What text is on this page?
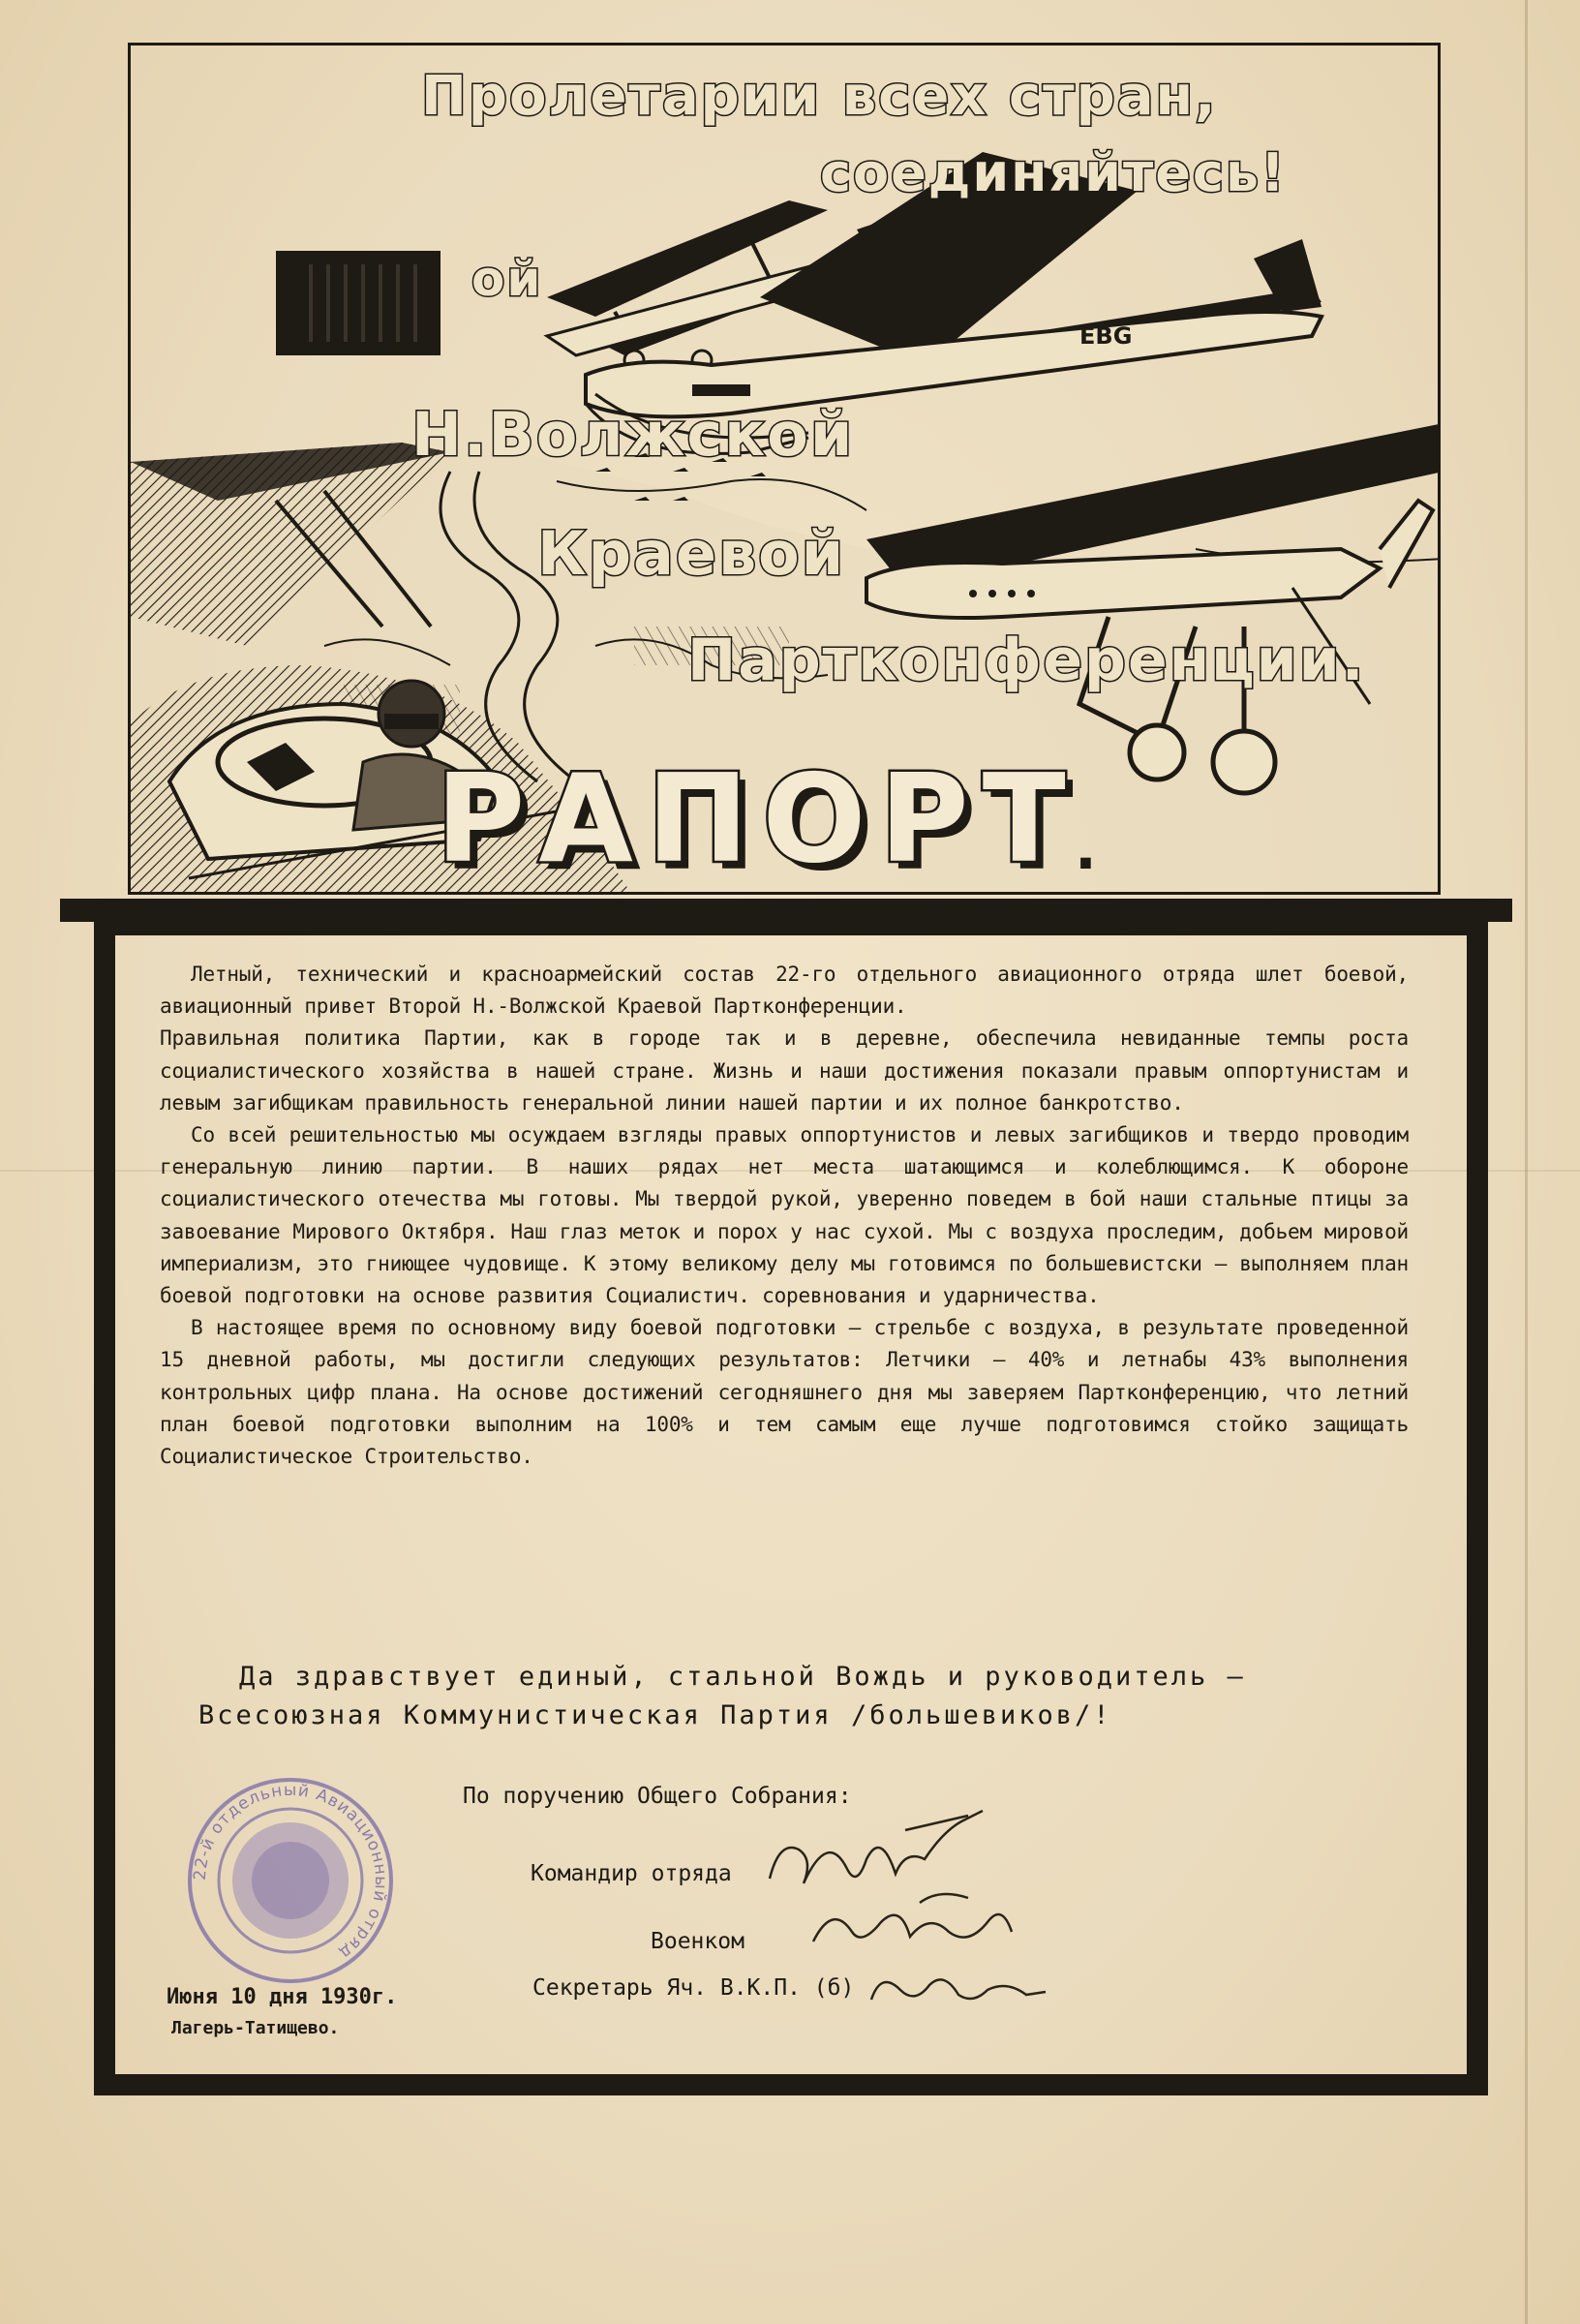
EBG
Пролетарии всех стран,
соединяйтесь!
II	ой
Н.Волжской
Краевой
Партконференции.
РАПОРТ
.

Летный, технический и красноармейский состав 22-го отдельного авиационного отряда шлет боевой, авиационный привет Второй Н.-Волжской Краевой Партконференции.

Правильная политика Партии, как в городе так и в деревне, обеспечила невиданные темпы роста социалистического хозяйства в нашей стране. Жизнь и наши достижения показали правым оппортунистам и левым загибщикам правильность генеральной линии нашей партии и их полное банкротство.

Со всей решительностью мы осуждаем взгляды правых оппортунистов и левых загибщиков и твердо проводим генеральную линию партии. В наших рядах нет места шатающимся и колеблющимся. К обороне социалистического отечества мы готовы. Мы твердой рукой, уверенно поведем в бой наши стальные птицы за завоевание Мирового Октября. Наш глаз меток и порох у нас сухой. Мы с воздуха проследим, добьем мировой империализм, это гниющее чудовище. К этому великому делу мы готовимся по большевистски — выполняем план боевой подготовки на основе развития Социалистич. соревнования и ударничества.

В настоящее время по основному виду боевой подготовки — стрельбе с воздуха, в результате проведенной 15 дневной работы, мы достигли следующих результатов: Летчики — 40% и летнабы 43% выполнения контрольных цифр плана. На основе достижений сегодняшнего дня мы заверяем Партконференцию, что летний план боевой подготовки выполним на 100% и тем самым еще лучше подготовимся стойко защищать Социалистическое Строительство.

Да здравствует единый, стальной Вождь и руководитель —
Всесоюзная Коммунистическая Партия /большевиков/!
22-й отдельный Авиационный отряд
По поручению Общего Собрания:
Командир отряда
Военком
Секретарь Яч. В.К.П. (б)
Июня 10 дня 1930г.
Лагерь-Татищево.
